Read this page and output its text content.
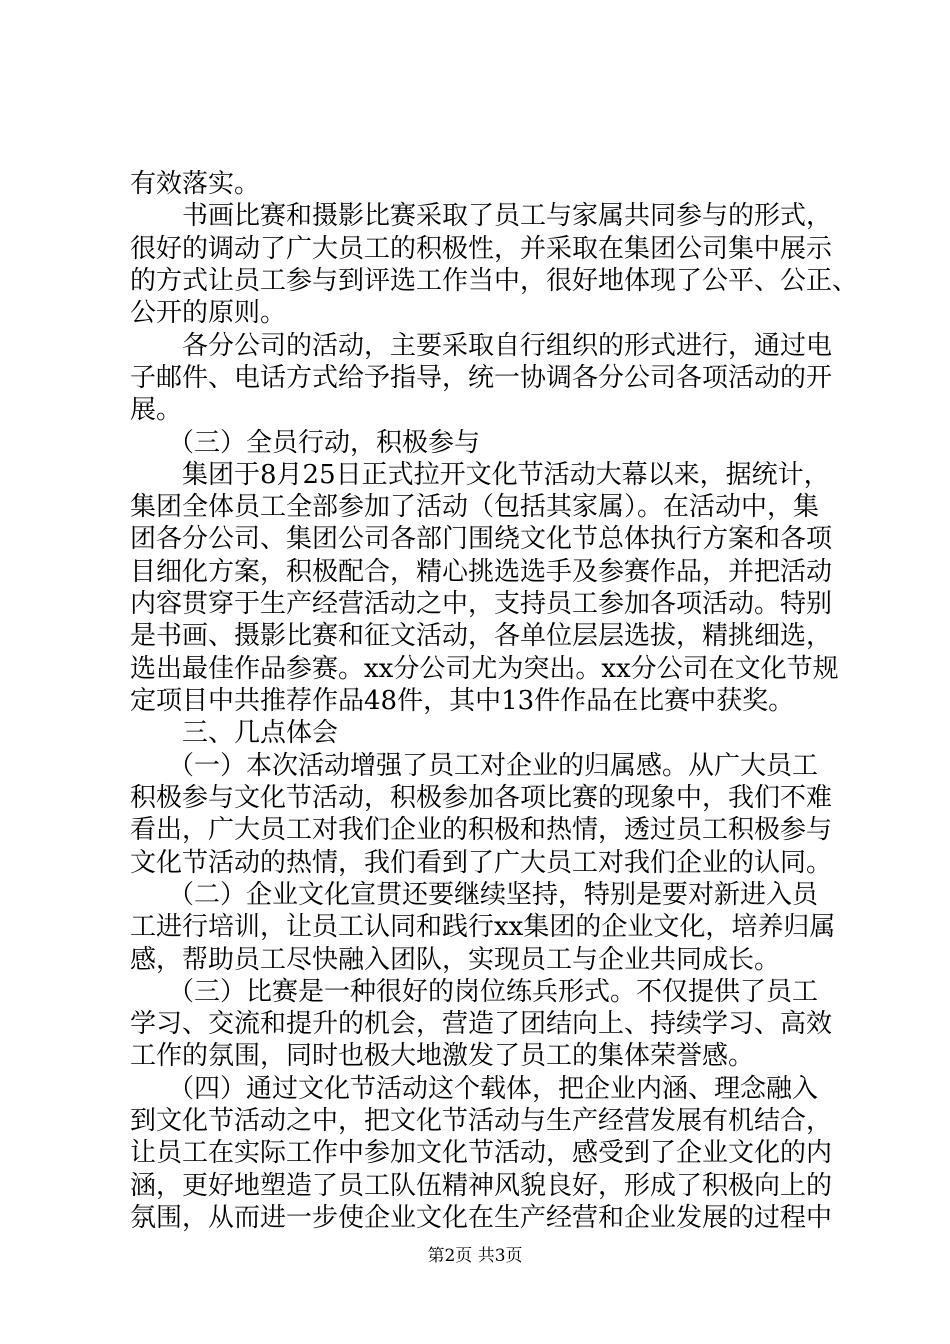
有效落实。
书画比赛和摄影比赛采取了员工与家属共同参与的形式，
很好的调动了广大员工的积极性，并采取在集团公司集中展示
的方式让员工参与到评选工作当中，很好地体现了公平、公正、
公开的原则。
各分公司的活动，主要采取自行组织的形式进行，通过电
子邮件、电话方式给予指导，统一协调各分公司各项活动的开
展。
（三）全员行动，积极参与
集团于8月25日正式拉开文化节活动大幕以来，据统计，
集团全体员工全部参加了活动（包括其家属）。在活动中，集
团各分公司、集团公司各部门围绕文化节总体执行方案和各项
目细化方案，积极配合，精心挑选选手及参赛作品，并把活动
内容贯穿于生产经营活动之中，支持员工参加各项活动。特别
是书画、摄影比赛和征文活动，各单位层层选拔，精挑细选，
选出最佳作品参赛。xx分公司尤为突出。xx分公司在文化节规
定项目中共推荐作品48件，其中13件作品在比赛中获奖。
三、几点体会
（一）本次活动增强了员工对企业的归属感。从广大员工
积极参与文化节活动，积极参加各项比赛的现象中，我们不难
看出，广大员工对我们企业的积极和热情，透过员工积极参与
文化节活动的热情，我们看到了广大员工对我们企业的认同。
（二）企业文化宣贯还要继续坚持，特别是要对新进入员
工进行培训，让员工认同和践行xx集团的企业文化，培养归属
感，帮助员工尽快融入团队，实现员工与企业共同成长。
（三）比赛是一种很好的岗位练兵形式。不仅提供了员工
学习、交流和提升的机会，营造了团结向上、持续学习、高效
工作的氛围，同时也极大地激发了员工的集体荣誉感。
（四）通过文化节活动这个载体，把企业内涵、理念融入
到文化节活动之中，把文化节活动与生产经营发展有机结合，
让员工在实际工作中参加文化节活动，感受到了企业文化的内
涵，更好地塑造了员工队伍精神风貌良好，形成了积极向上的
氛围，从而进一步使企业文化在生产经营和企业发展的过程中
第2页 共3页
